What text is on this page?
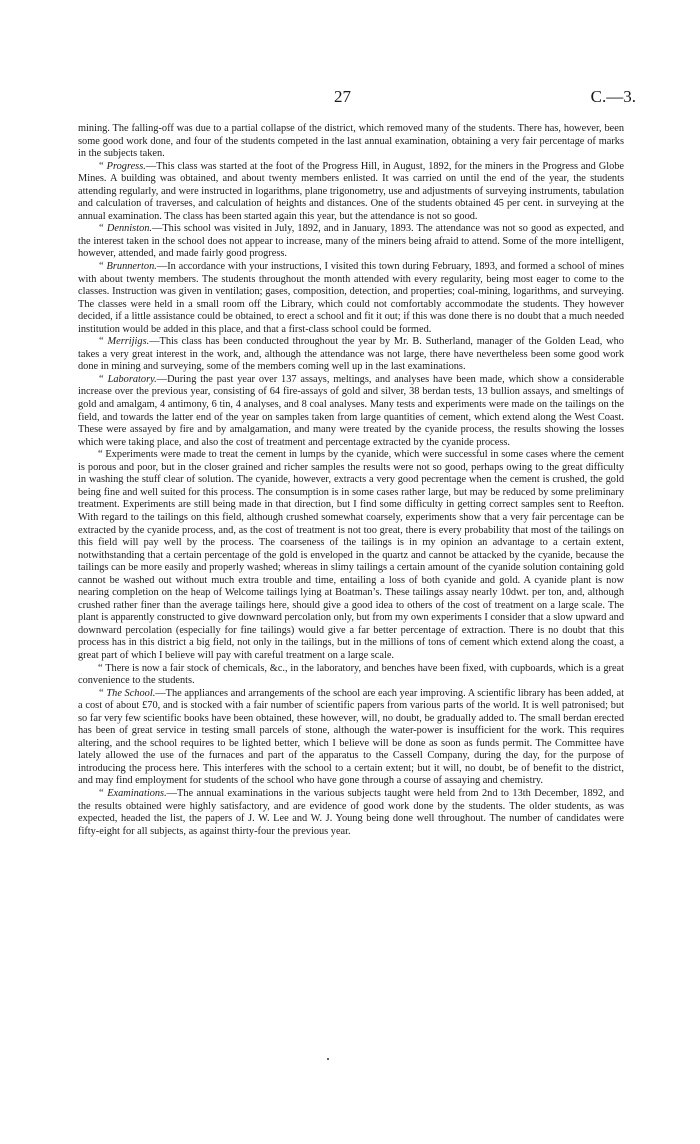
27	C.—3.

mining. The falling-off was due to a partial collapse of the district, which removed many of the students. There has, however, been some good work done, and four of the students competed in the last annual examination, obtaining a very fair percentage of marks in the subjects taken.

“ Progress.—This class was started at the foot of the Progress Hill, in August, 1892, for the miners in the Progress and Globe Mines. A building was obtained, and about twenty members enlisted. It was carried on until the end of the year, the students attending regularly, and were instructed in logarithms, plane trigonometry, use and adjustments of surveying instruments, tabulation and calculation of traverses, and calculation of heights and distances. One of the students obtained 45 per cent. in surveying at the annual examination. The class has been started again this year, but the attendance is not so good.

“ Denniston.—This school was visited in July, 1892, and in January, 1893. The attendance was not so good as expected, and the interest taken in the school does not appear to increase, many of the miners being afraid to attend. Some of the more intelligent, however, attended, and made fairly good progress.

“ Brunnerton.—In accordance with your instructions, I visited this town during February, 1893, and formed a school of mines with about twenty members. The students throughout the month attended with every regularity, being most eager to come to the classes. Instruction was given in ventilation; gases, composition, detection, and properties; coal-mining, logarithms, and surveying. The classes were held in a small room off the Library, which could not comfortably accommodate the students. They however decided, if a little assistance could be obtained, to erect a school and fit it out; if this was done there is no doubt that a much needed institution would be added in this place, and that a first-class school could be formed.

“ Merrijigs.—This class has been conducted throughout the year by Mr. B. Sutherland, manager of the Golden Lead, who takes a very great interest in the work, and, although the attendance was not large, there have nevertheless been some good work done in mining and surveying, some of the members coming well up in the last examinations.

“ Laboratory.—During the past year over 137 assays, meltings, and analyses have been made, which show a considerable increase over the previous year, consisting of 64 fire-assays of gold and silver, 38 berdan tests, 13 bullion assays, and smeltings of gold and amalgam, 4 antimony, 6 tin, 4 analyses, and 8 coal analyses. Many tests and experiments were made on the tailings on the field, and towards the latter end of the year on samples taken from large quantities of cement, which extend along the West Coast. These were assayed by fire and by amalgamation, and many were treated by the cyanide process, the results showing the losses which were taking place, and also the cost of treatment and percentage extracted by the cyanide process.

“ Experiments were made to treat the cement in lumps by the cyanide, which were successful in some cases where the cement is porous and poor, but in the closer grained and richer samples the results were not so good, perhaps owing to the great difficulty in washing the stuff clear of solution. The cyanide, however, extracts a very good pecrentage when the cement is crushed, the gold being fine and well suited for this process. The consumption is in some cases rather large, but may be reduced by some preliminary treatment. Experiments are still being made in that direction, but I find some difficulty in getting correct samples sent to Reefton. With regard to the tailings on this field, although crushed somewhat coarsely, experiments show that a very fair percentage can be extracted by the cyanide process, and, as the cost of treatment is not too great, there is every probability that most of the tailings on this field will pay well by the process. The coarseness of the tailings is in my opinion an advantage to a certain extent, notwithstanding that a certain percentage of the gold is enveloped in the quartz and cannot be attacked by the cyanide, because the tailings can be more easily and properly washed; whereas in slimy tailings a certain amount of the cyanide solution containing gold cannot be washed out without much extra trouble and time, entailing a loss of both cyanide and gold. A cyanide plant is now nearing completion on the heap of Welcome tailings lying at Boatman’s. These tailings assay nearly 10dwt. per ton, and, although crushed rather finer than the average tailings here, should give a good idea to others of the cost of treatment on a large scale. The plant is apparently constructed to give downward percolation only, but from my own experiments I consider that a slow upward and downward percolation (especially for fine tailings) would give a far better percentage of extraction. There is no doubt that this process has in this district a big field, not only in the tailings, but in the millions of tons of cement which extend along the coast, a great part of which I believe will pay with careful treatment on a large scale.

“ There is now a fair stock of chemicals, &c., in the laboratory, and benches have been fixed, with cupboards, which is a great convenience to the students.

“ The School.—The appliances and arrangements of the school are each year improving. A scientific library has been added, at a cost of about £70, and is stocked with a fair number of scientific papers from various parts of the world. It is well patronised; but so far very few scientific books have been obtained, these however, will, no doubt, be gradually added to. The small berdan erected has been of great service in testing small parcels of stone, although the water-power is insufficient for the work. This requires altering, and the school requires to be lighted better, which I believe will be done as soon as funds permit. The Committee have lately allowed the use of the furnaces and part of the apparatus to the Cassell Company, during the day, for the purpose of introducing the process here. This interferes with the school to a certain extent; but it will, no doubt, be of benefit to the district, and may find employment for students of the school who have gone through a course of assaying and chemistry.

“ Examinations.—The annual examinations in the various subjects taught were held from 2nd to 13th December, 1892, and the results obtained were highly satisfactory, and are evidence of good work done by the students. The older students, as was expected, headed the list, the papers of J. W. Lee and W. J. Young being done well throughout. The number of candidates were fifty-eight for all subjects, as against thirty-four the previous year.
